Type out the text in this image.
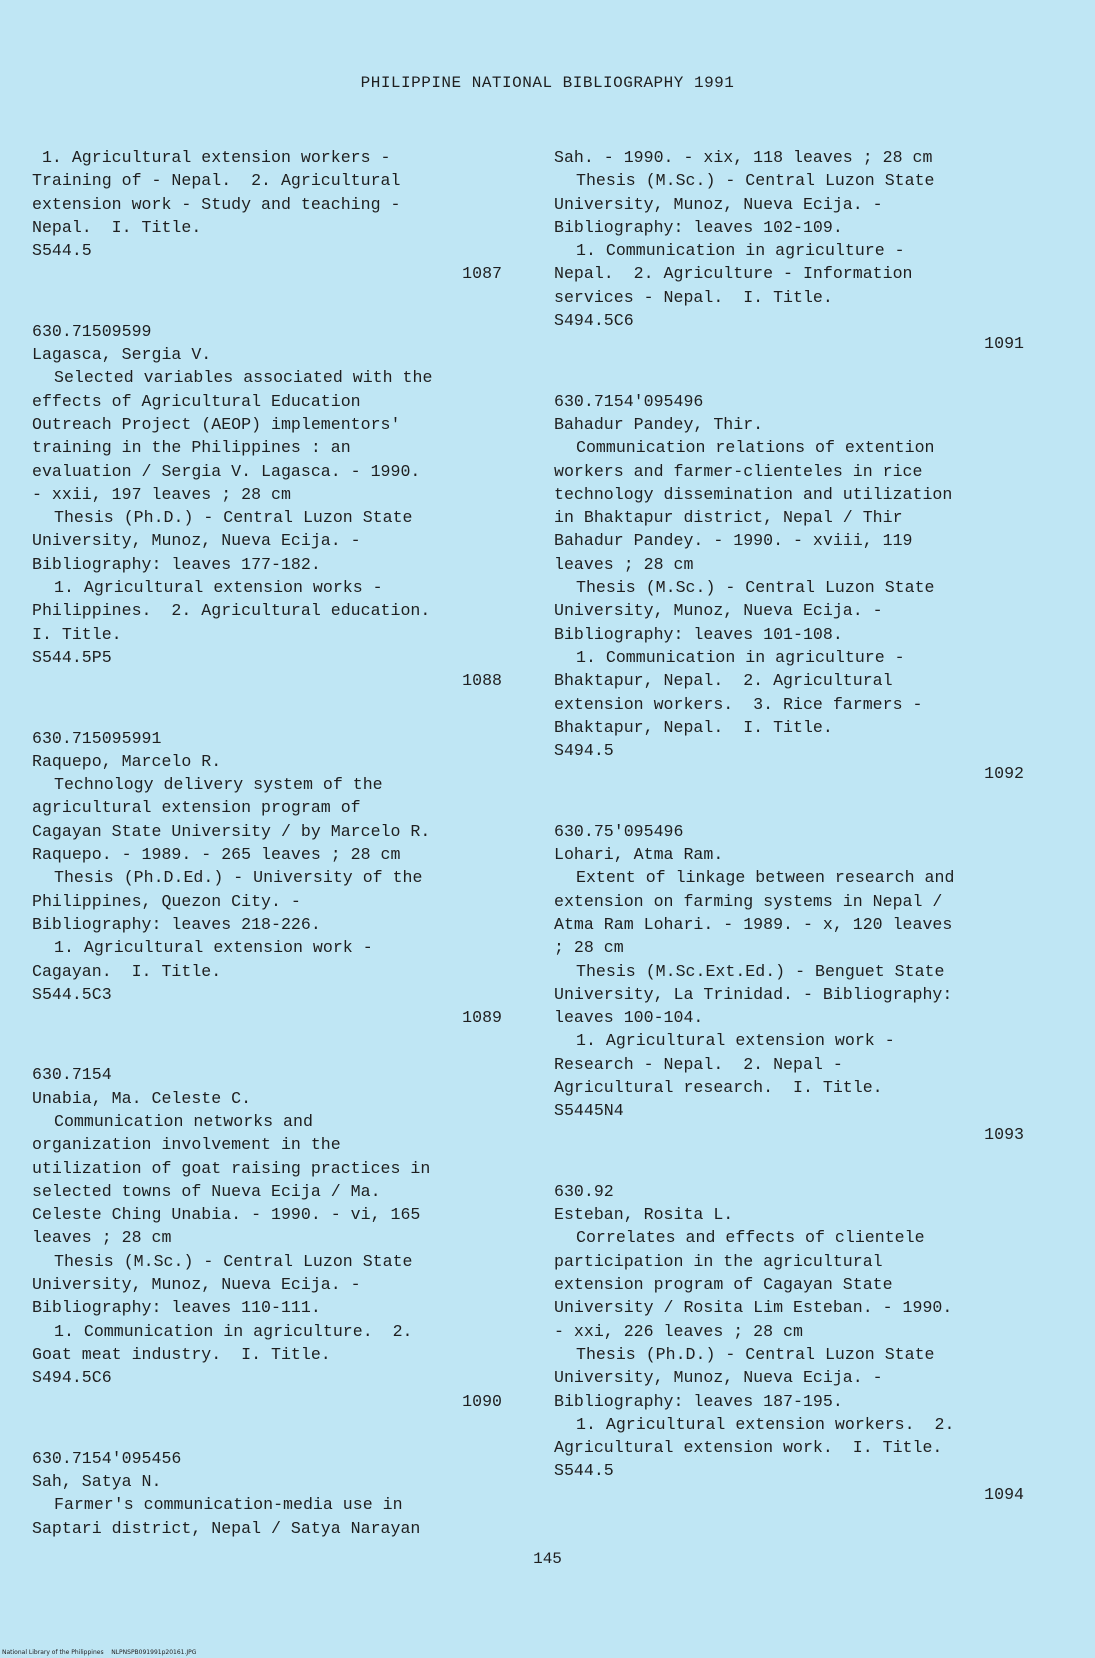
PHILIPPINE NATIONAL BIBLIOGRAPHY 1991
1. Agricultural extension workers -
Training of - Nepal.  2. Agricultural
extension work - Study and teaching -
Nepal.  I. Title.
S544.5
1087
630.71509599
Lagasca, Sergia V.
Selected variables associated with the
effects of Agricultural Education
Outreach Project (AEOP) implementors'
training in the Philippines : an
evaluation / Sergia V. Lagasca. - 1990.
- xxii, 197 leaves ; 28 cm
Thesis (Ph.D.) - Central Luzon State
University, Munoz, Nueva Ecija. -
Bibliography: leaves 177-182.
1. Agricultural extension works -
Philippines.  2. Agricultural education.
I. Title.
S544.5P5
1088
630.715095991
Raquepo, Marcelo R.
Technology delivery system of the
agricultural extension program of
Cagayan State University / by Marcelo R.
Raquepo. - 1989. - 265 leaves ; 28 cm
Thesis (Ph.D.Ed.) - University of the
Philippines, Quezon City. -
Bibliography: leaves 218-226.
1. Agricultural extension work -
Cagayan.  I. Title.
S544.5C3
1089
630.7154
Unabia, Ma. Celeste C.
Communication networks and
organization involvement in the
utilization of goat raising practices in
selected towns of Nueva Ecija / Ma.
Celeste Ching Unabia. - 1990. - vi, 165
leaves ; 28 cm
Thesis (M.Sc.) - Central Luzon State
University, Munoz, Nueva Ecija. -
Bibliography: leaves 110-111.
1. Communication in agriculture.  2.
Goat meat industry.  I. Title.
S494.5C6
1090
630.7154'095456
Sah, Satya N.
Farmer's communication-media use in
Saptari district, Nepal / Satya Narayan
Sah. - 1990. - xix, 118 leaves ; 28 cm
Thesis (M.Sc.) - Central Luzon State
University, Munoz, Nueva Ecija. -
Bibliography: leaves 102-109.
1. Communication in agriculture -
Nepal.  2. Agriculture - Information
services - Nepal.  I. Title.
S494.5C6
1091
630.7154'095496
Bahadur Pandey, Thir.
Communication relations of extention
workers and farmer-clienteles in rice
technology dissemination and utilization
in Bhaktapur district, Nepal / Thir
Bahadur Pandey. - 1990. - xviii, 119
leaves ; 28 cm
Thesis (M.Sc.) - Central Luzon State
University, Munoz, Nueva Ecija. -
Bibliography: leaves 101-108.
1. Communication in agriculture -
Bhaktapur, Nepal.  2. Agricultural
extension workers.  3. Rice farmers -
Bhaktapur, Nepal.  I. Title.
S494.5
1092
630.75'095496
Lohari, Atma Ram.
Extent of linkage between research and
extension on farming systems in Nepal /
Atma Ram Lohari. - 1989. - x, 120 leaves
; 28 cm
Thesis (M.Sc.Ext.Ed.) - Benguet State
University, La Trinidad. - Bibliography:
leaves 100-104.
1. Agricultural extension work -
Research - Nepal.  2. Nepal -
Agricultural research.  I. Title.
S5445N4
1093
630.92
Esteban, Rosita L.
Correlates and effects of clientele
participation in the agricultural
extension program of Cagayan State
University / Rosita Lim Esteban. - 1990.
- xxi, 226 leaves ; 28 cm
Thesis (Ph.D.) - Central Luzon State
University, Munoz, Nueva Ecija. -
Bibliography: leaves 187-195.
1. Agricultural extension workers.  2.
Agricultural extension work.  I. Title.
S544.5
1094
145
National Library of the Philippines    NLPNSPB091991p20161.JPG
